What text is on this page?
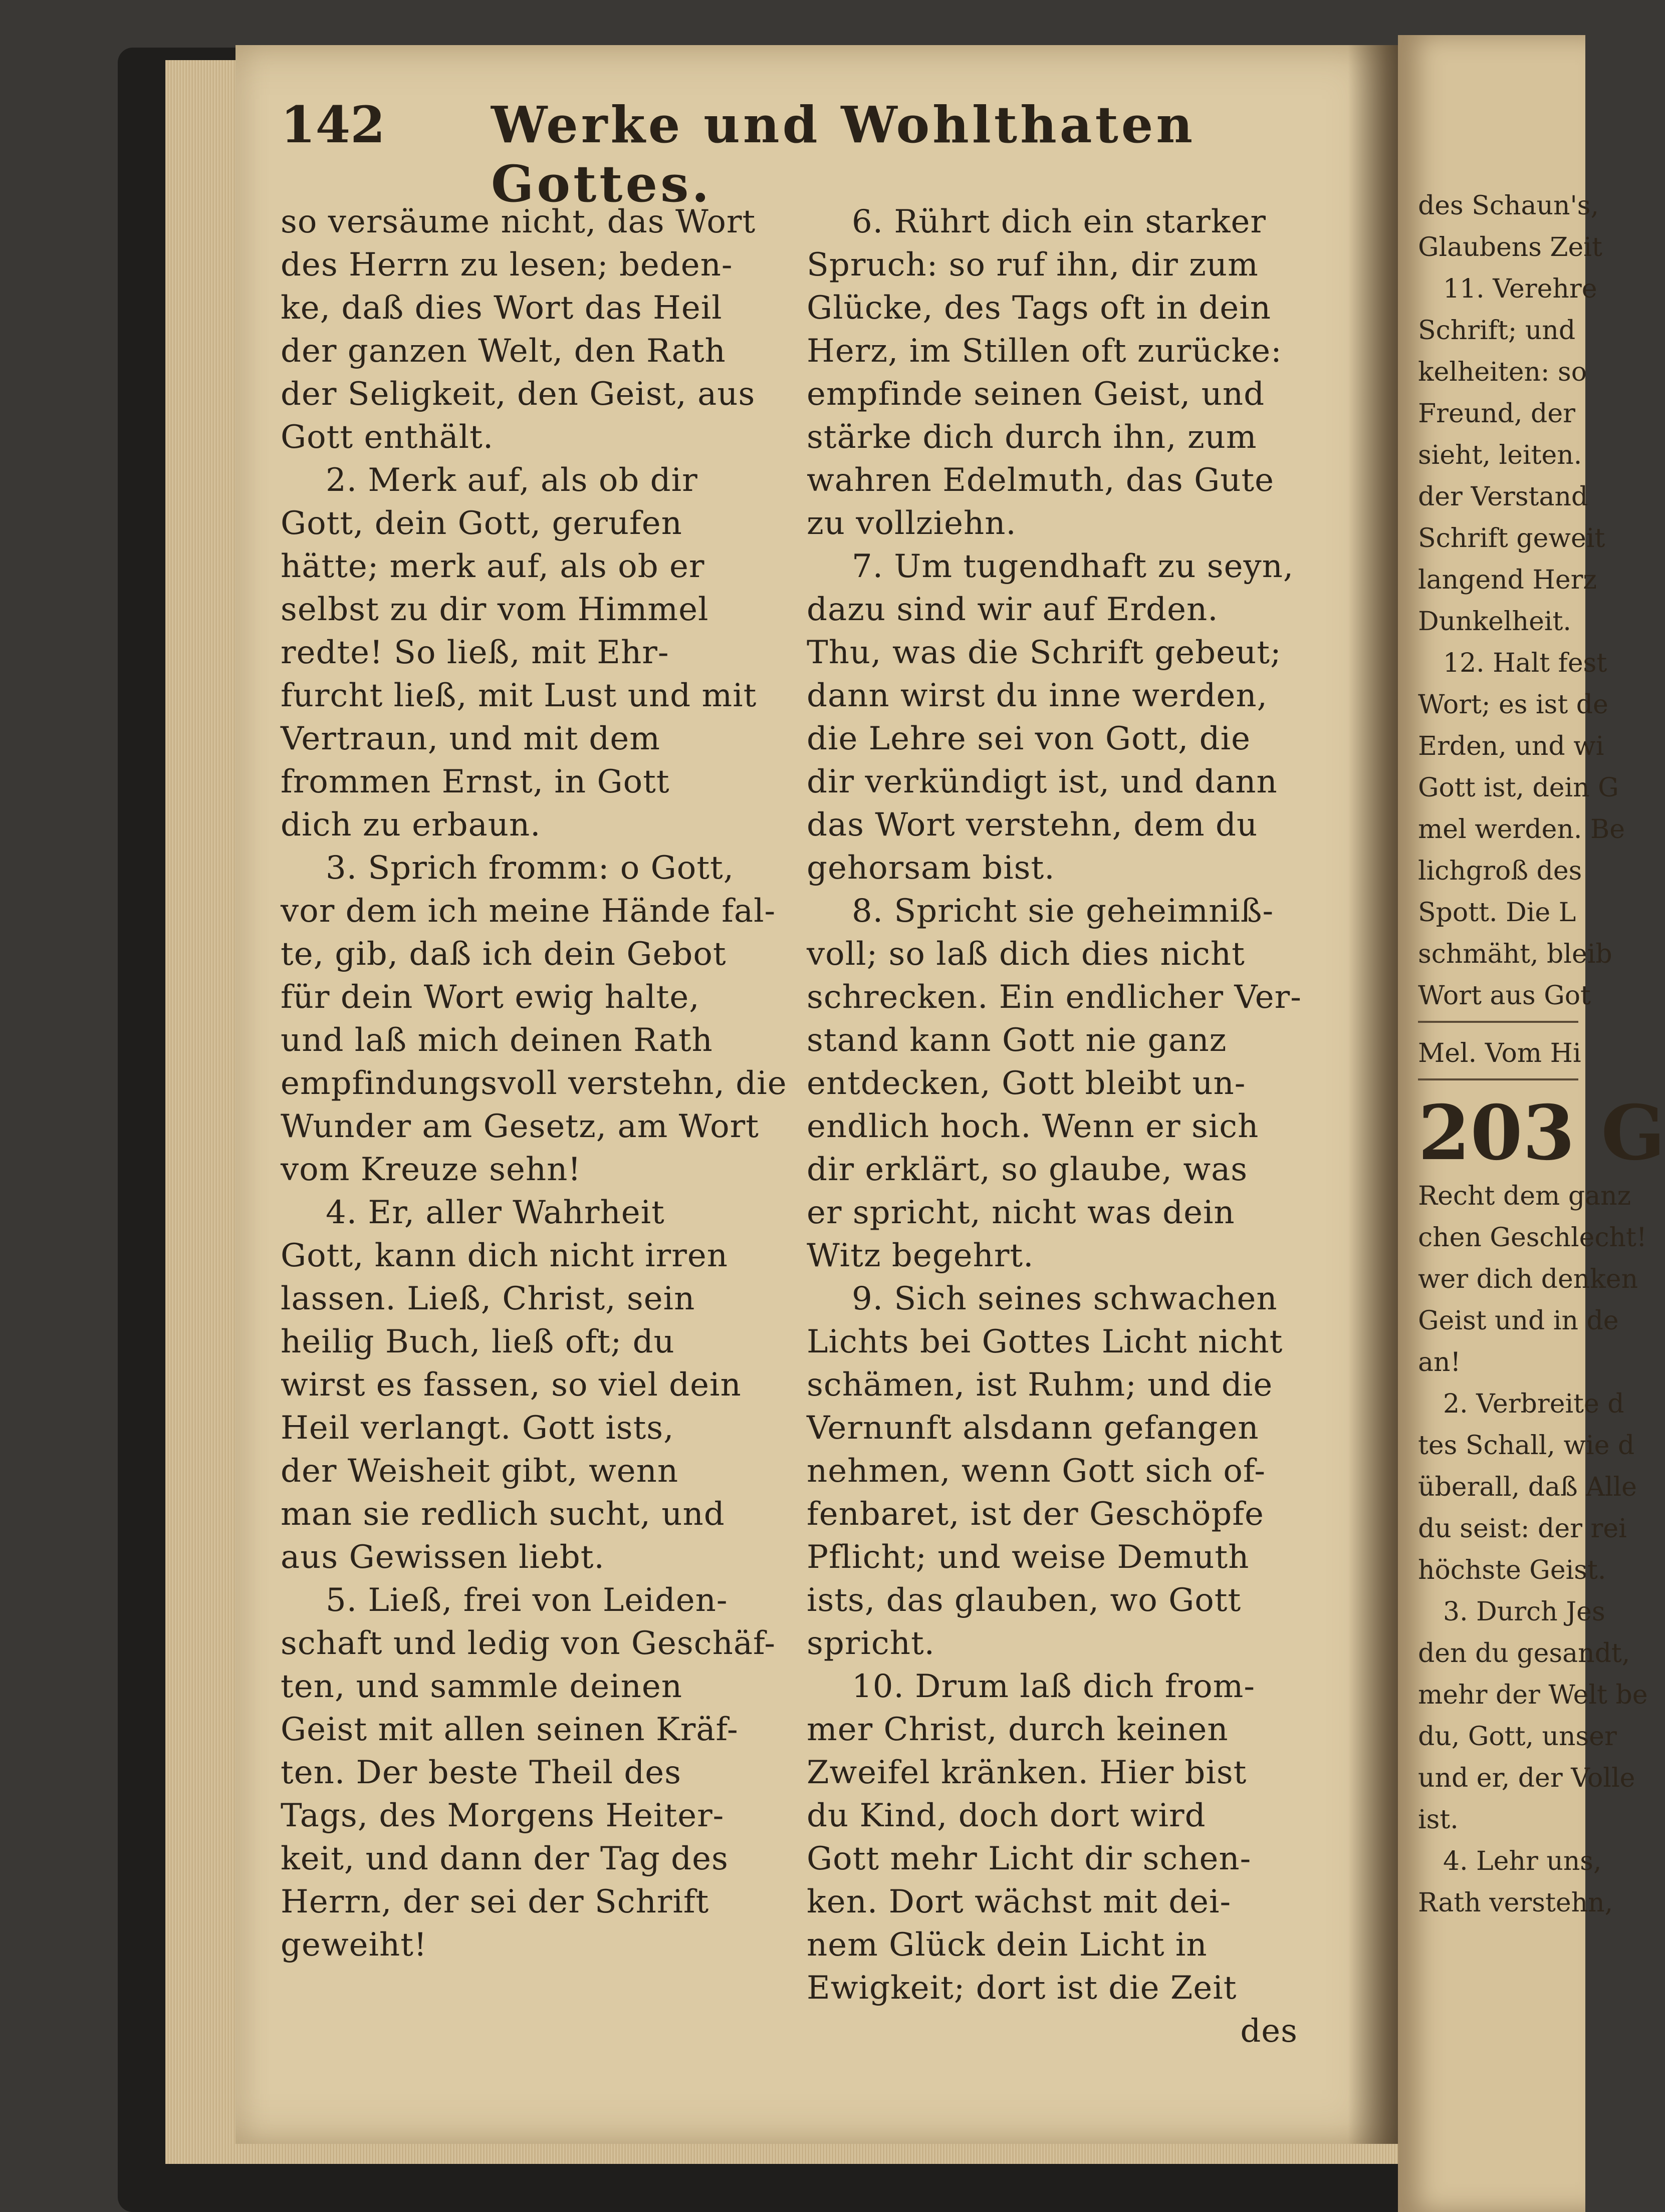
142 Werke und Wohlthaten Gottes.
so versäume nicht, das Wort
des Herrn zu lesen; beden-
ke, daß dies Wort das Heil
der ganzen Welt, den Rath
der Seligkeit, den Geist, aus
Gott enthält.
2. Merk auf, als ob dir
Gott, dein Gott, gerufen
hätte; merk auf, als ob er
selbst zu dir vom Himmel
redte! So ließ, mit Ehr-
furcht ließ, mit Lust und mit
Vertraun, und mit dem
frommen Ernst, in Gott
dich zu erbaun.
3. Sprich fromm: o Gott,
vor dem ich meine Hände fal-
te, gib, daß ich dein Gebot
für dein Wort ewig halte,
und laß mich deinen Rath
empfindungsvoll verstehn, die
Wunder am Gesetz, am Wort
vom Kreuze sehn!
4. Er, aller Wahrheit
Gott, kann dich nicht irren
lassen. Ließ, Christ, sein
heilig Buch, ließ oft; du
wirst es fassen, so viel dein
Heil verlangt. Gott ists,
der Weisheit gibt, wenn
man sie redlich sucht, und
aus Gewissen liebt.
5. Ließ, frei von Leiden-
schaft und ledig von Geschäf-
ten, und sammle deinen
Geist mit allen seinen Kräf-
ten. Der beste Theil des
Tags, des Morgens Heiter-
keit, und dann der Tag des
Herrn, der sei der Schrift
geweiht!
6. Rührt dich ein starker
Spruch: so ruf ihn, dir zum
Glücke, des Tags oft in dein
Herz, im Stillen oft zurücke:
empfinde seinen Geist, und
stärke dich durch ihn, zum
wahren Edelmuth, das Gute
zu vollziehn.
7. Um tugendhaft zu seyn,
dazu sind wir auf Erden.
Thu, was die Schrift gebeut;
dann wirst du inne werden,
die Lehre sei von Gott, die
dir verkündigt ist, und dann
das Wort verstehn, dem du
gehorsam bist.
8. Spricht sie geheimniß-
voll; so laß dich dies nicht
schrecken. Ein endlicher Ver-
stand kann Gott nie ganz
entdecken, Gott bleibt un-
endlich hoch. Wenn er sich
dir erklärt, so glaube, was
er spricht, nicht was dein
Witz begehrt.
9. Sich seines schwachen
Lichts bei Gottes Licht nicht
schämen, ist Ruhm; und die
Vernunft alsdann gefangen
nehmen, wenn Gott sich of-
fenbaret, ist der Geschöpfe
Pflicht; und weise Demuth
ists, das glauben, wo Gott
spricht.
10. Drum laß dich from-
mer Christ, durch keinen
Zweifel kränken. Hier bist
du Kind, doch dort wird
Gott mehr Licht dir schen-
ken. Dort wächst mit dei-
nem Glück dein Licht in
Ewigkeit; dort ist die Zeit
des
des Schaun's,
Glaubens Zeit
11. Verehre
Schrift; und
kelheiten: so
Freund, der
sieht, leiten.
der Verstand
Schrift geweit
langend Herz
Dunkelheit.
12. Halt fest
Wort; es ist de
Erden, und wi
Gott ist, dein G
mel werden. Be
lichgroß des
Spott. Die L
schmäht, bleib
Wort aus Got
Mel. Vom Hi
203 G
Recht dem ganz
chen Geschlecht!
wer dich denken
Geist und in de
an!
2. Verbreite d
tes Schall, wie d
überall, daß Alle
du seist: der rei
höchste Geist.
3. Durch Jes
den du gesandt,
mehr der Welt be
du, Gott, unser
und er, der Volle
ist.
4. Lehr uns,
Rath verstehn,
